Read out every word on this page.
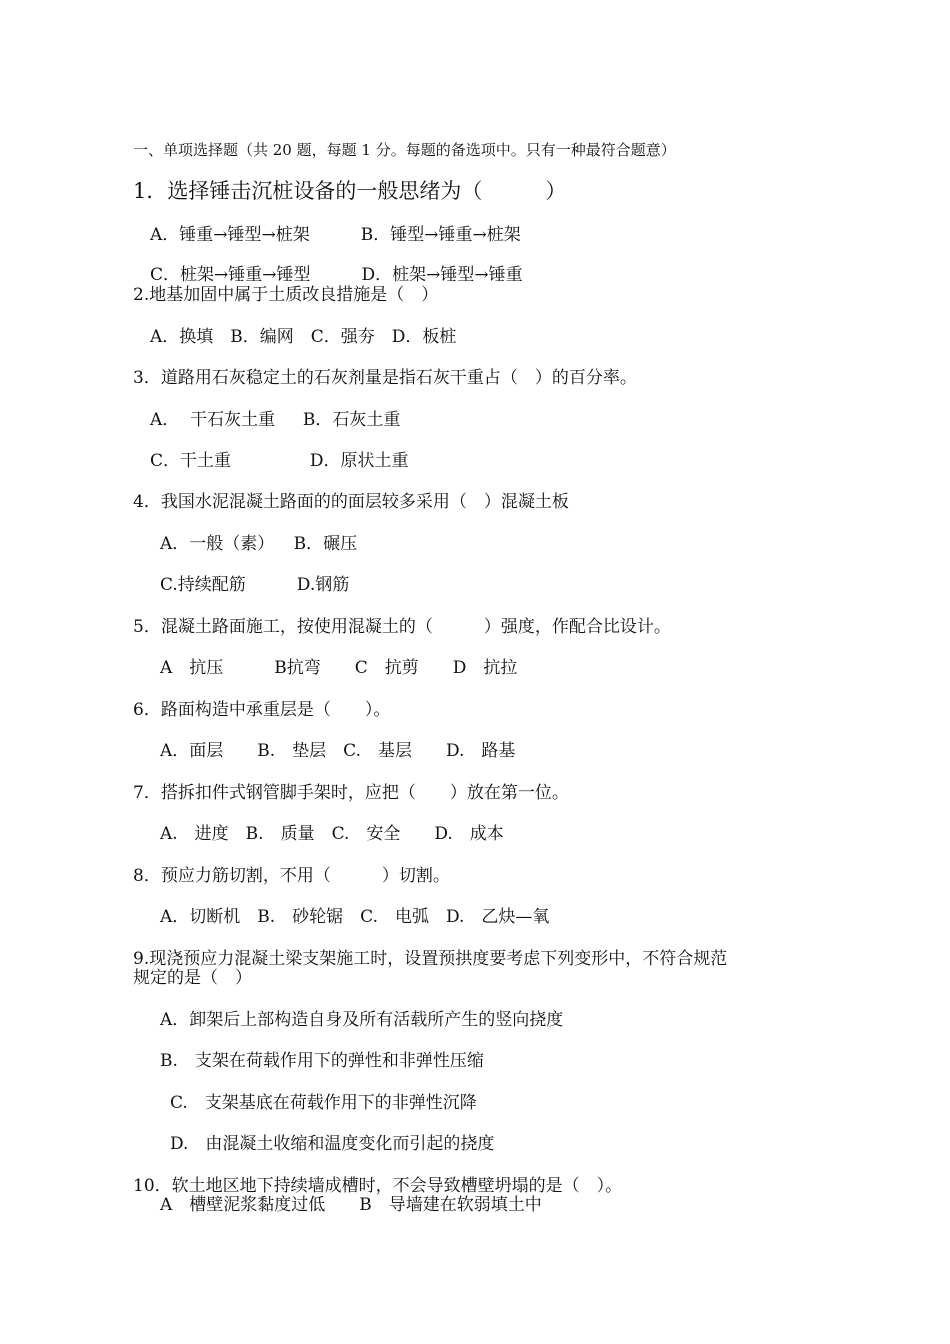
一、单项选择题（共 20 题，每题 1 分。每题的备选项中。只有一种最符合题意）
1．选择锤击沉桩设备的一般思绪为（　　　）
A．锤重→锤型→桩架　　　B．锤型→锤重→桩架
C．桩架→锤重→锤型　　　D．桩架→锤型→锤重
2.地基加固中属于土质改良措施是（　）
A．换填　B．编网　C．强夯　D．板桩
3．道路用石灰稳定土的石灰剂量是指石灰干重占（　）的百分率。
A．  干石灰土重　  B．石灰土重
C．干土重　　　　  D．原状土重
4．我国水泥混凝土路面的的面层较多采用（　）混凝土板
A．一般（素）　  B．碾压
C.持续配筋　　　D.钢筋
5．混凝土路面施工，按使用混凝土的（　　　）强度，作配合比设计。
A　抗压　　　B抗弯　　C　抗剪　　D　抗拉
6．路面构造中承重层是（　　）。
A．面层　　B.　垫层　C.　基层　　D.　路基
7．搭拆扣件式钢管脚手架时，应把（　　）放在第一位。
A.　进度　B.　质量　C.　安全　　D.　成本
8．预应力筋切割，不用（　　　）切割。
A．切断机　B.　砂轮锯　C.　电弧　D.　乙炔—氧
9.现浇预应力混凝土梁支架施工时，设置预拱度要考虑下列变形中，不符合规范
规定的是（　）
A．卸架后上部构造自身及所有活载所产生的竖向挠度
B.　支架在荷载作用下的弹性和非弹性压缩
C.　支架基底在荷载作用下的非弹性沉降
D.　由混凝土收缩和温度变化而引起的挠度
10．软土地区地下持续墙成槽时，不会导致槽壁坍塌的是（　）。
A　槽壁泥浆黏度过低　　B　导墙建在软弱填土中
